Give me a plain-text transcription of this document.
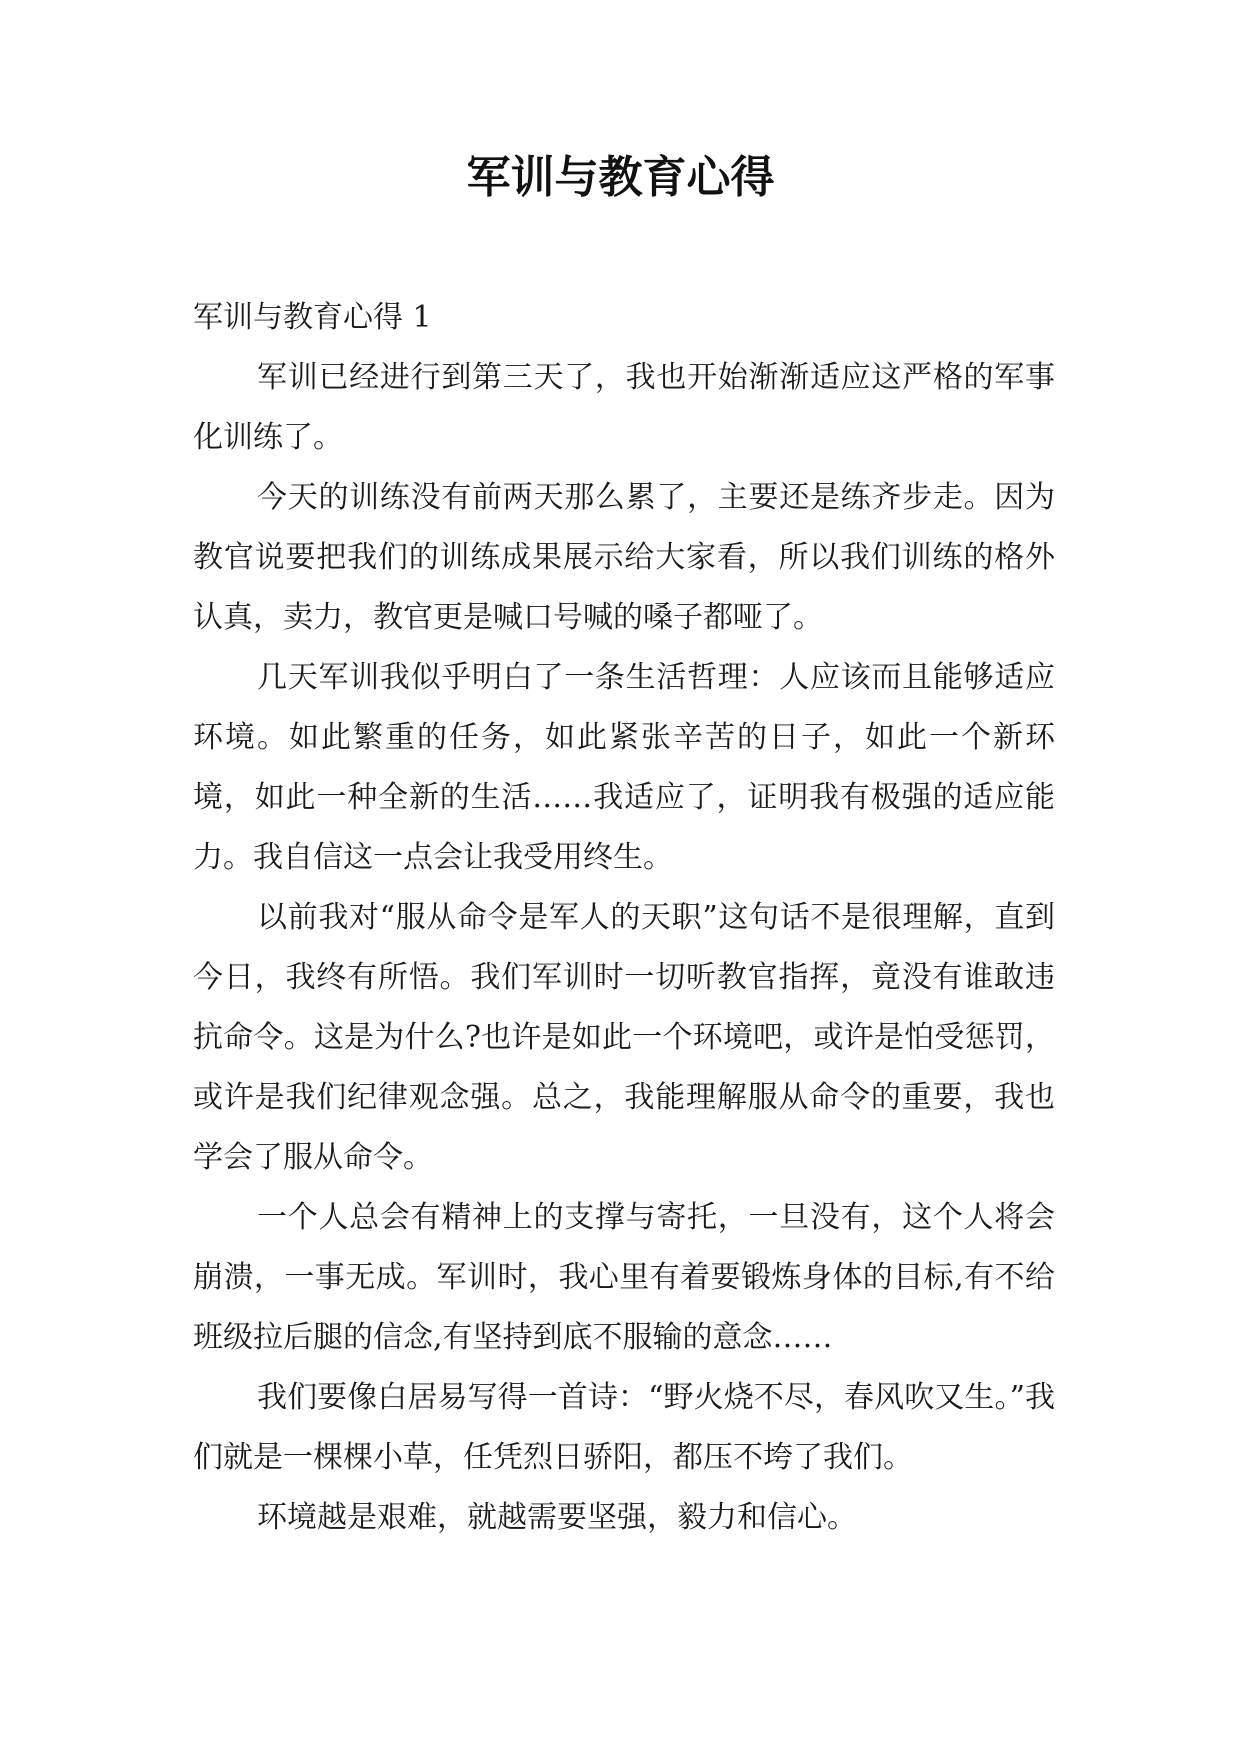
军训与教育心得

军训与教育心得 1

军训已经进行到第三天了，我也开始渐渐适应这严格的军事化训练了。

今天的训练没有前两天那么累了，主要还是练齐步走。因为教官说要把我们的训练成果展示给大家看，所以我们训练的格外认真，卖力，教官更是喊口号喊的嗓子都哑了。

几天军训我似乎明白了一条生活哲理：人应该而且能够适应环境。如此繁重的任务，如此紧张辛苦的日子，如此一个新环境，如此一种全新的生活……我适应了，证明我有极强的适应能力。我自信这一点会让我受用终生。

以前我对“服从命令是军人的天职”这句话不是很理解，直到今日，我终有所悟。我们军训时一切听教官指挥，竟没有谁敢违抗命令。这是为什么?也许是如此一个环境吧，或许是怕受惩罚，或许是我们纪律观念强。总之，我能理解服从命令的重要，我也学会了服从命令。

一个人总会有精神上的支撑与寄托，一旦没有，这个人将会崩溃，一事无成。军训时，我心里有着要锻炼身体的目标,有不给班级拉后腿的信念,有坚持到底不服输的意念……

我们要像白居易写得一首诗：“野火烧不尽，春风吹又生。”我们就是一棵棵小草，任凭烈日骄阳，都压不垮了我们。

环境越是艰难，就越需要坚强，毅力和信心。
